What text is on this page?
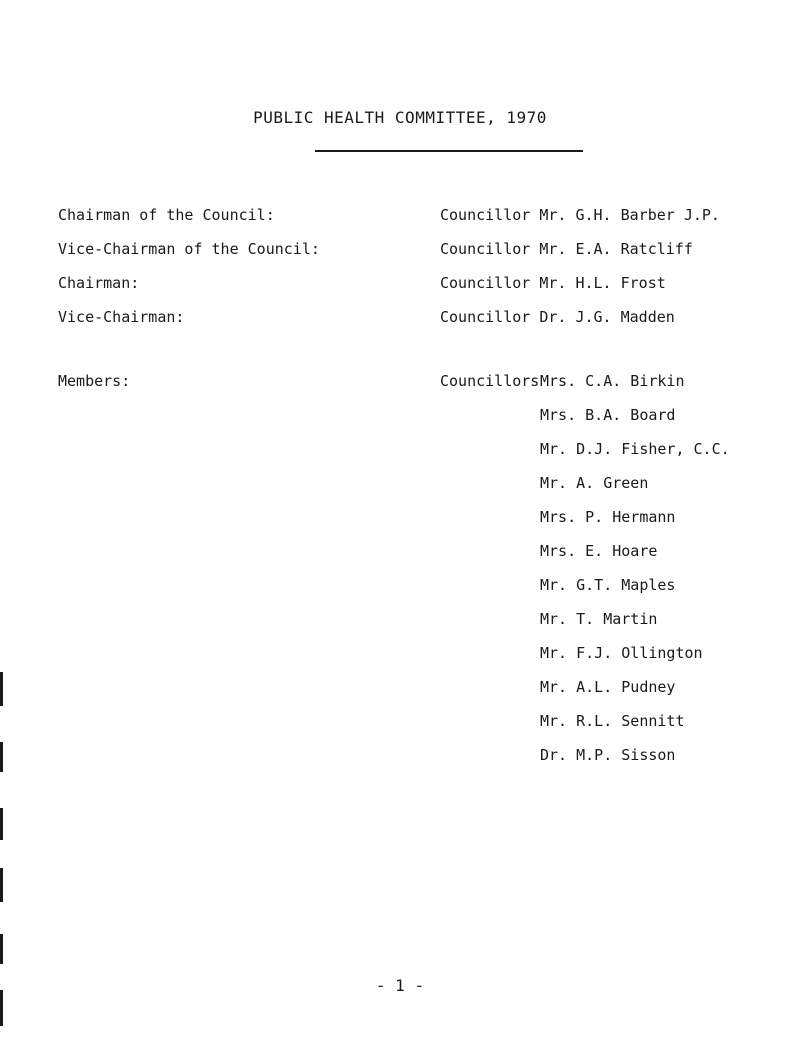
PUBLIC HEALTH COMMITTEE, 1970
Chairman of the Council:	Councillor Mr. G.H. Barber J.P.
Vice-Chairman of the Council:	Councillor Mr. E.A. Ratcliff
Chairman:	Councillor Mr. H.L. Frost
Vice-Chairman:	Councillor Dr. J.G. Madden
Members:	Councillors Mrs. C.A. Birkin
Mrs. B.A. Board
Mr. D.J. Fisher, C.C.
Mr. A. Green
Mrs. P. Hermann
Mrs. E. Hoare
Mr. G.T. Maples
Mr. T. Martin
Mr. F.J. Ollington
Mr. A.L. Pudney
Mr. R.L. Sennitt
Dr. M.P. Sisson
- 1 -
